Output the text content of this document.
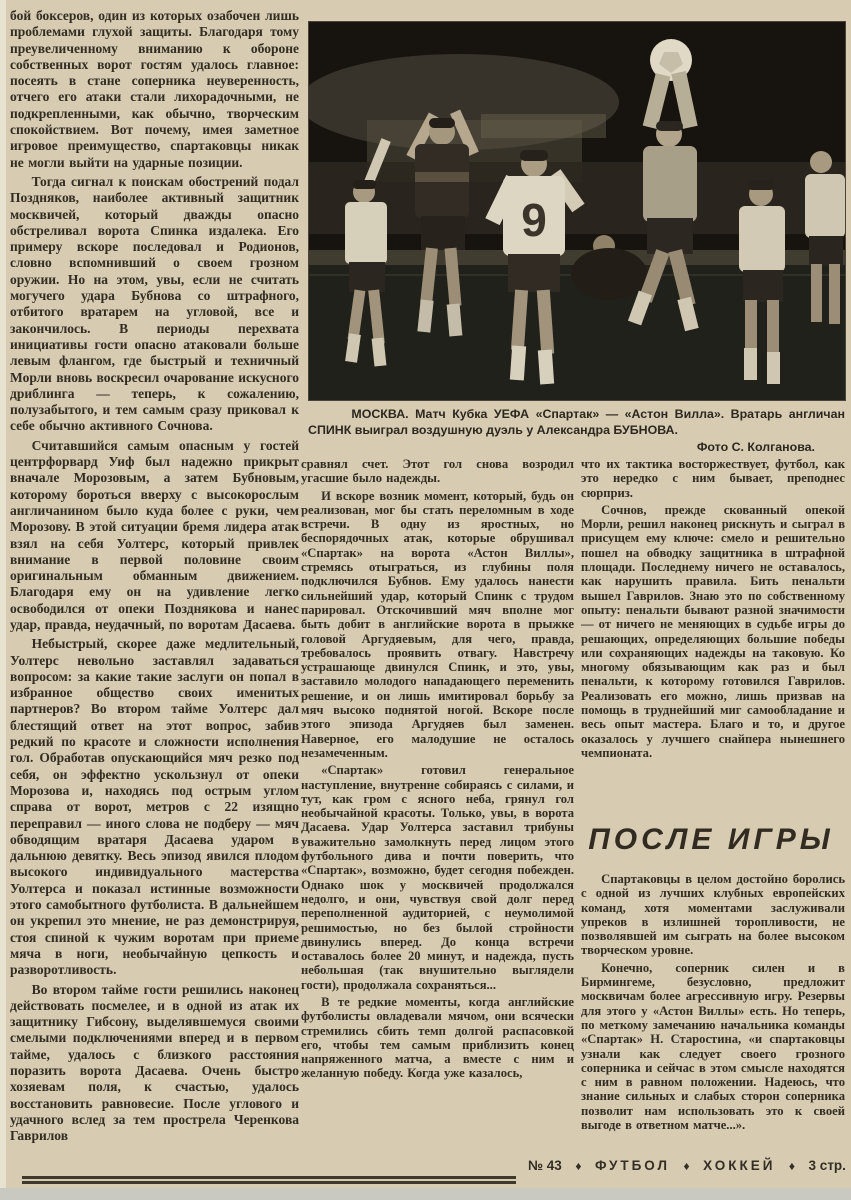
бой боксеров, один из которых озабочен лишь проблемами глухой защиты. Благодаря тому преувеличенному вниманию к обороне собственных ворот гостям удалось главное: посеять в стане соперника неуверенность, отчего его атаки стали лихорадочными, не подкрепленными, как обычно, творческим спокойствием. Вот почему, имея заметное игровое преимущество, спартаковцы никак не могли выйти на ударные позиции.

Тогда сигнал к поискам обострений подал Поздняков, наиболее активный защитник москвичей, который дважды опасно обстреливал ворота Спинка издалека. Его примеру вскоре последовал и Родионов, словно вспомнивший о своем грозном оружии. Но на этом, увы, если не считать могучего удара Бубнова со штрафного, отбитого вратарем на угловой, все и закончилось. В периоды перехвата инициативы гости опасно атаковали больше левым флангом, где быстрый и техничный Морли вновь воскресил очарование искусного дриблинга — теперь, к сожалению, полузабытого, и тем самым сразу приковал к себе обычно активного Сочнова.

Считавшийся самым опасным у гостей центрфорвард Уиф был надежно прикрыт вначале Морозовым, а затем Бубновым, которому бороться вверху с высокорослым англичанином было куда более с руки, чем Морозову. В этой ситуации бремя лидера атак взял на себя Уолтерс, который привлек внимание в первой половине своим оригинальным обманным движением. Благодаря ему он на удивление легко освободился от опеки Позднякова и нанес удар, правда, неудачный, по воротам Дасаева.

Небыстрый, скорее даже медлительный, Уолтерс невольно заставлял задаваться вопросом: за какие такие заслуги он попал в избранное общество своих именитых партнеров? Во втором тайме Уолтерс дал блестящий ответ на этот вопрос, забив редкий по красоте и сложности исполнения гол. Обработав опускающийся мяч резко под себя, он эффектно ускользнул от опеки Морозова и, находясь под острым углом справа от ворот, метров с 22 изящно переправил — иного слова не подберу — мяч обводящим вратаря Дасаева ударом в дальнюю девятку. Весь эпизод явился плодом высокого индивидуального мастерства Уолтерса и показал истинные возможности этого самобытного футболиста. В дальнейшем он укрепил это мнение, не раз демонстрируя, стоя спиной к чужим воротам при приеме мяча в ноги, необычайную цепкость и разворотливость.

Во втором тайме гости решились наконец действовать посмелее, и в одной из атак их защитнику Гибсону, выделявшемуся своими смелыми подключениями вперед и в первом тайме, удалось с близкого расстояния поразить ворота Дасаева. Очень быстро хозяевам поля, к счастью, удалось восстановить равновесие. После углового и удачного вслед за тем прострела Черенкова Гаврилов

9

МОСКВА. Матч Кубка УЕФА «Спартак» — «Астон Вилла». Вратарь англичан СПИНК выиграл воздушную дуэль у Александра БУБНОВА.

Фото С. Колганова.

сравнял счет. Этот гол снова возродил угасшие было надежды.

И вскоре возник момент, который, будь он реализован, мог бы стать переломным в ходе встречи. В одну из яростных, но беспорядочных атак, которые обрушивал «Спартак» на ворота «Астон Виллы», стремясь отыграться, из глубины поля подключился Бубнов. Ему удалось нанести сильнейший удар, который Спинк с трудом парировал. Отскочивший мяч вполне мог быть добит в английские ворота в прыжке головой Аргудяевым, для чего, правда, требовалось проявить отвагу. Навстречу устрашающе двинулся Спинк, и это, увы, заставило молодого нападающего переменить решение, и он лишь имитировал борьбу за мяч высоко поднятой ногой. Вскоре после этого эпизода Аргудяев был заменен. Наверное, его малодушие не осталось незамеченным.

«Спартак» готовил генеральное наступление, внутренне собираясь с силами, и тут, как гром с ясного неба, грянул гол необычайной красоты. Только, увы, в ворота Дасаева. Удар Уолтерса заставил трибуны уважительно замолкнуть перед лицом этого футбольного дива и почти поверить, что «Спартак», возможно, будет сегодня побежден. Однако шок у москвичей продолжался недолго, и они, чувствуя свой долг перед переполненной аудиторией, с неумолимой решимостью, но без былой стройности двинулись вперед. До конца встречи оставалось более 20 минут, и надежда, пусть небольшая (так внушительно выглядели гости), продолжала сохраняться...

В те редкие моменты, когда английские футболисты овладевали мячом, они всячески стремились сбить темп долгой распасовкой его, чтобы тем самым приблизить конец напряженного матча, а вместе с ним и желанную победу. Когда уже казалось,

что их тактика восторжествует, футбол, как это нередко с ним бывает, преподнес сюрприз.

Сочнов, прежде скованный опекой Морли, решил наконец рискнуть и сыграл в присущем ему ключе: смело и решительно пошел на обводку защитника в штрафной площади. Последнему ничего не оставалось, как нарушить правила. Бить пенальти вышел Гаврилов. Знаю это по собственному опыту: пенальти бывают разной значимости — от ничего не меняющих в судьбе игры до решающих, определяющих большие победы или сохраняющих надежды на таковую. Ко многому обязывающим как раз и был пенальти, к которому готовился Гаврилов. Реализовать его можно, лишь призвав на помощь в труднейший миг самообладание и весь опыт мастера. Благо и то, и другое оказалось у лучшего снайпера нынешнего чемпионата.

ПОСЛЕ ИГРЫ

Спартаковцы в целом достойно боролись с одной из лучших клубных европейских команд, хотя моментами заслуживали упреков в излишней торопливости, не позволявшей им сыграть на более высоком творческом уровне.

Конечно, соперник силен и в Бирмингеме, безусловно, предложит москвичам более агрессивную игру. Резервы для этого у «Астон Виллы» есть. Но теперь, по меткому замечанию начальника команды «Спартак» Н. Старостина, «и спартаковцы узнали как следует своего грозного соперника и сейчас в этом смысле находятся с ним в равном положении. Надеюсь, что знание сильных и слабых сторон соперника позволит нам использовать это к своей выгоде в ответном матче...».

№ 43 ♦ ФУТБОЛ ♦ ХОККЕЙ ♦ 3 стр.
